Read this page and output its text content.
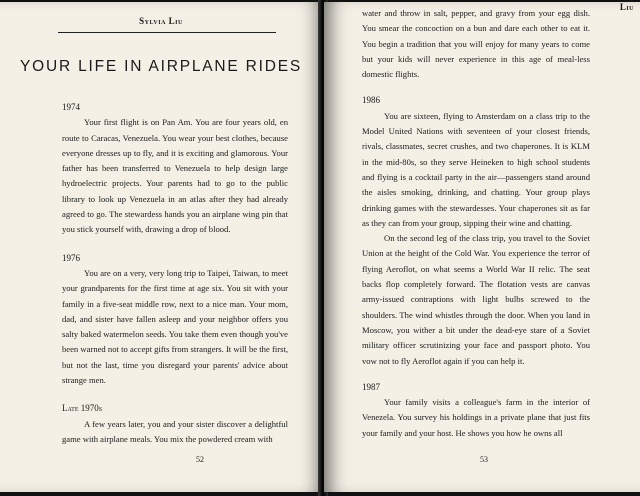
Sylvia Liu
YOUR LIFE IN AIRPLANE RIDES

1974

Your first flight is on Pan Am. You are four years old, en route to Caracas, Venezuela. You wear your best clothes, because everyone dresses up to fly, and it is exciting and glamorous. Your father has been transferred to Venezuela to help design large hydroelectric projects. Your parents had to go to the public library to look up Venezuela in an atlas after they had already agreed to go. The stewardess hands you an airplane wing pin that you stick yourself with, drawing a drop of blood.

1976

You are on a very, very long trip to Taipei, Taiwan, to meet your grandparents for the first time at age six. You sit with your family in a five-seat middle row, next to a nice man. Your mom, dad, and sister have fallen asleep and your neighbor offers you salty baked watermelon seeds. You take them even though you've been warned not to accept gifts from strangers. It will be the first, but not the last, time you disregard your parents' advice about strange men.

Late 1970s

A few years later, you and your sister discover a delightful game with airplane meals. You mix the powdered cream with

52
Liu

water and throw in salt, pepper, and gravy from your egg dish. You smear the concoction on a bun and dare each other to eat it. You begin a tradition that you will enjoy for many years to come but your kids will never experience in this age of meal-less domestic flights.

1986

You are sixteen, flying to Amsterdam on a class trip to the Model United Nations with seventeen of your closest friends, rivals, classmates, secret crushes, and two chaperones. It is KLM in the mid-80s, so they serve Heineken to high school students and flying is a cocktail party in the air—passengers stand around the aisles smoking, drinking, and chatting. Your group plays drinking games with the stewardesses. Your chaperones sit as far as they can from your group, sipping their wine and chatting.

On the second leg of the class trip, you travel to the Soviet Union at the height of the Cold War. You experience the terror of flying Aeroflot, on what seems a World War II relic. The seat backs flop completely forward. The flotation vests are canvas army-issued contraptions with light bulbs screwed to the shoulders. The wind whistles through the door. When you land in Moscow, you wither a bit under the dead-eye stare of a Soviet military officer scrutinizing your face and passport photo. You vow not to fly Aeroflot again if you can help it.

1987

Your family visits a colleague's farm in the interior of Venezela. You survey his holdings in a private plane that just fits your family and your host. He shows you how he owns all

53
